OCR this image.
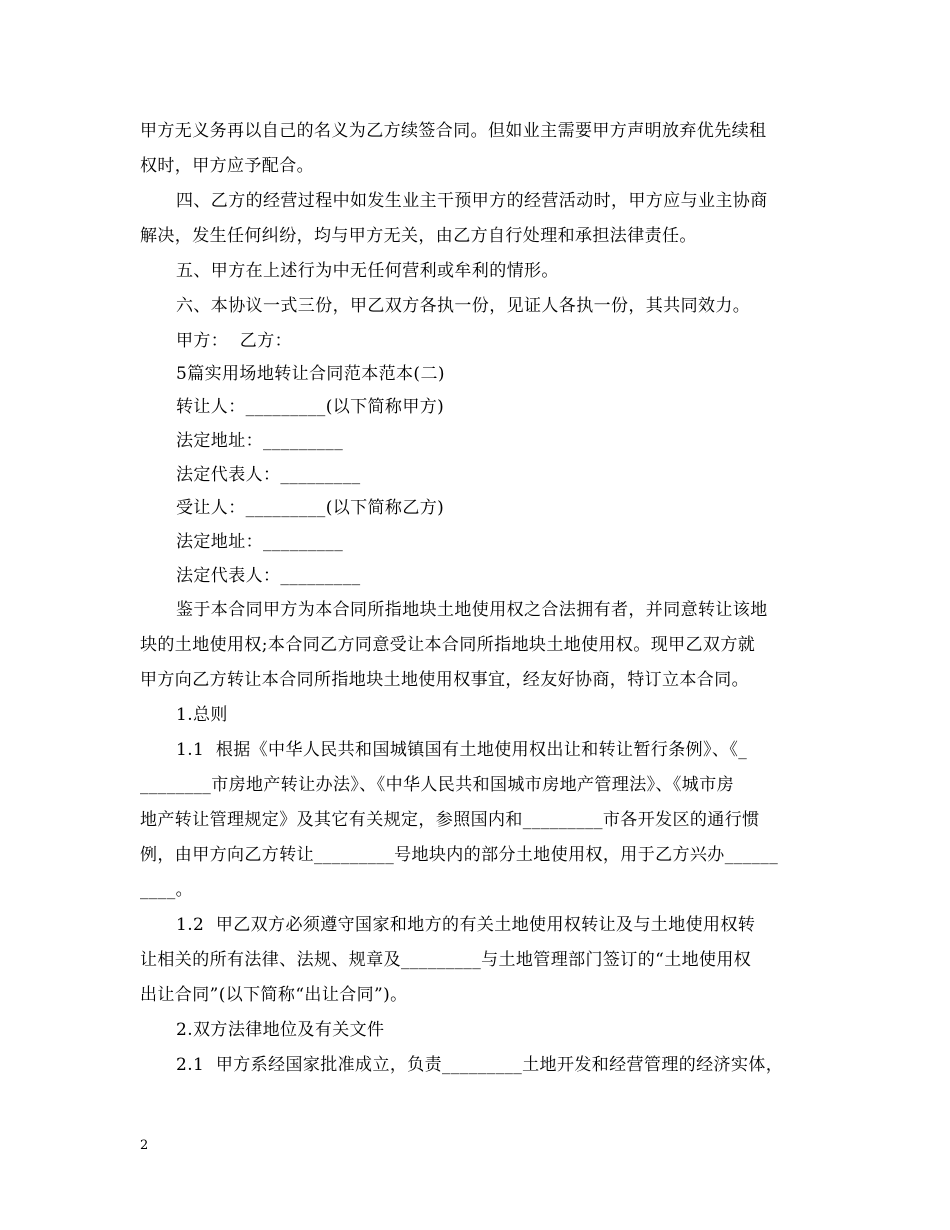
甲方无义务再以自己的名义为乙方续签合同。但如业主需要甲方声明放弃优先续租
权时，甲方应予配合。
四、乙方的经营过程中如发生业主干预甲方的经营活动时，甲方应与业主协商
解决，发生任何纠纷，均与甲方无关，由乙方自行处理和承担法律责任。
五、甲方在上述行为中无任何营利或牟利的情形。
六、本协议一式三份，甲乙双方各执一份，见证人各执一份，其共同效力。
甲方：  乙方：
5篇实用场地转让合同范本范本(二)
转让人：_________(以下简称甲方)
法定地址：_________
法定代表人：_________
受让人：_________(以下简称乙方)
法定地址：_________
法定代表人：_________
鉴于本合同甲方为本合同所指地块土地使用权之合法拥有者，并同意转让该地
块的土地使用权;本合同乙方同意受让本合同所指地块土地使用权。现甲乙双方就
甲方向乙方转让本合同所指地块土地使用权事宜，经友好协商，特订立本合同。
1.总则
1.1  根据《中华人民共和国城镇国有土地使用权出让和转让暂行条例》、《_
________市房地产转让办法》、《中华人民共和国城市房地产管理法》、《城市房
地产转让管理规定》及其它有关规定，参照国内和_________市各开发区的通行惯
例，由甲方向乙方转让_________号地块内的部分土地使用权，用于乙方兴办______
____。
1.2  甲乙双方必须遵守国家和地方的有关土地使用权转让及与土地使用权转
让相关的所有法律、法规、规章及_________与土地管理部门签订的“土地使用权
出让合同”(以下简称“出让合同”)。
2.双方法律地位及有关文件
2.1  甲方系经国家批准成立，负责_________土地开发和经营管理的经济实体，
2
